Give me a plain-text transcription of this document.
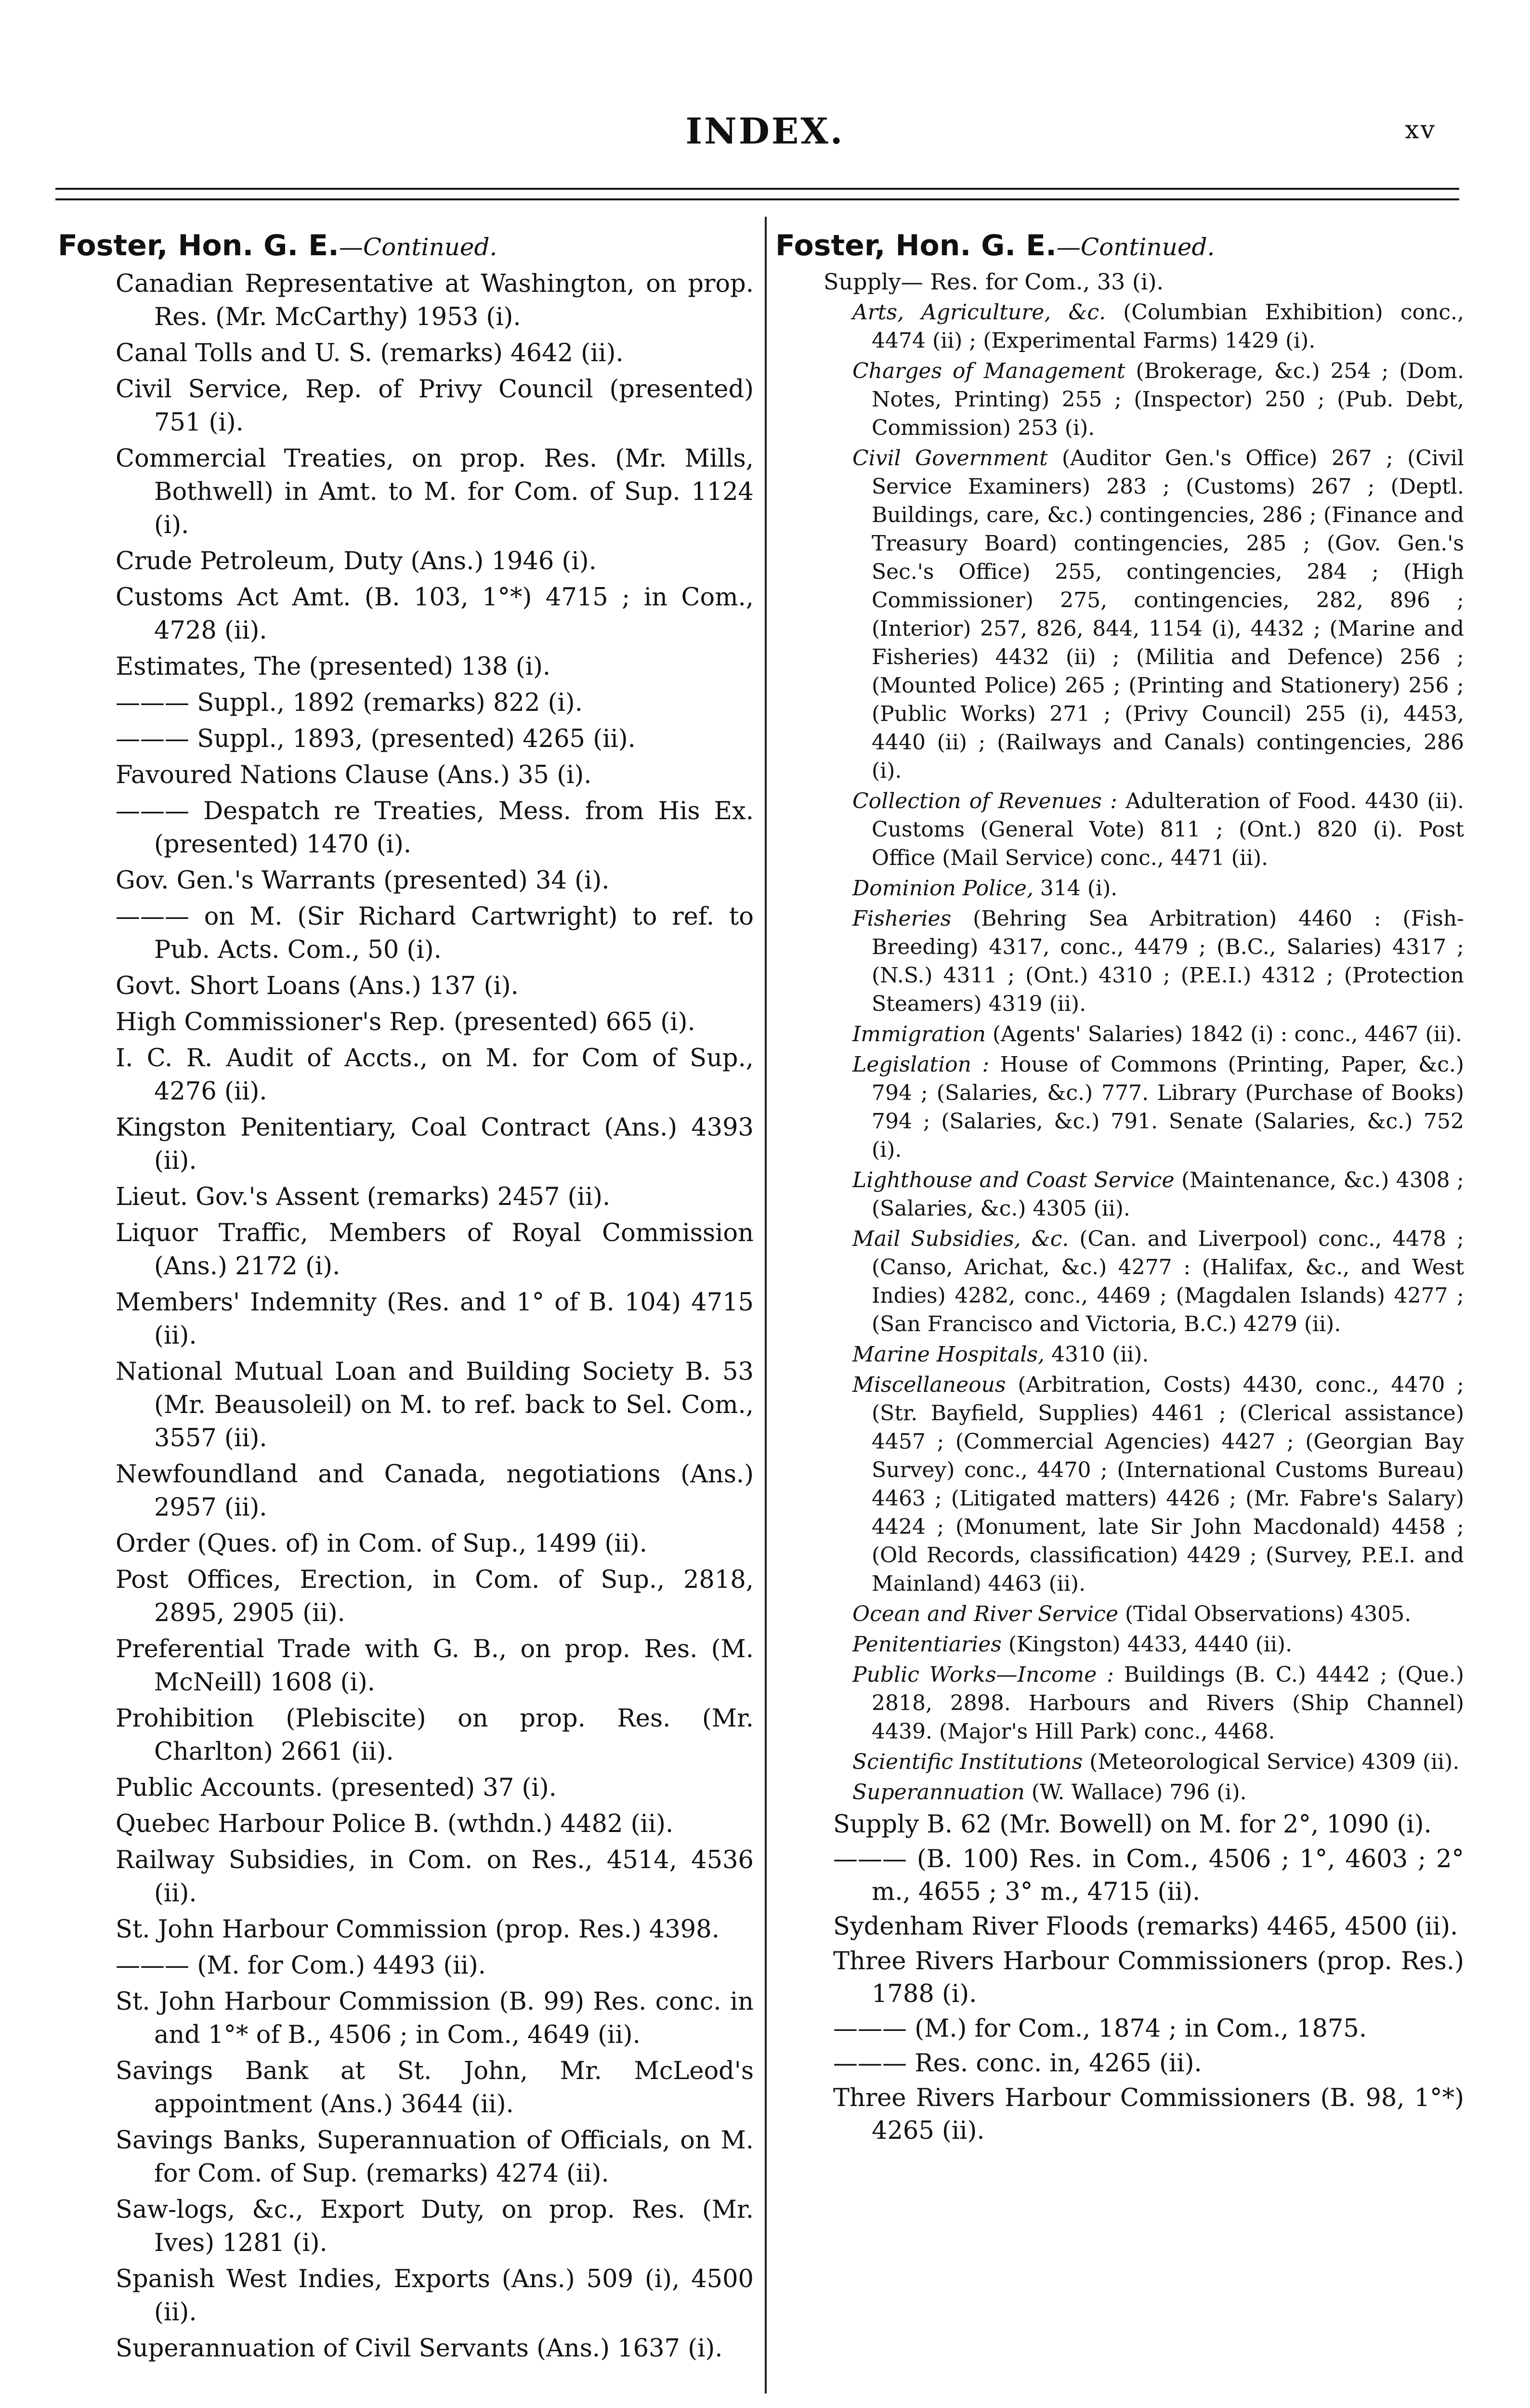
INDEX.	xv
Foster, Hon. G. E.—Continued.
Canadian Representative at Washington, on prop. Res. (Mr. McCarthy) 1953 (i).
Canal Tolls and U. S. (remarks) 4642 (ii).
Civil Service, Rep. of Privy Council (presented) 751 (i).
Commercial Treaties, on prop. Res. (Mr. Mills, Bothwell) in Amt. to M. for Com. of Sup. 1124 (i).
Crude Petroleum, Duty (Ans.) 1946 (i).
Customs Act Amt. (B. 103, 1°*) 4715 ; in Com., 4728 (ii).
Estimates, The (presented) 138 (i).
——— Suppl., 1892 (remarks) 822 (i).
——— Suppl., 1893, (presented) 4265 (ii).
Favoured Nations Clause (Ans.) 35 (i).
——— Despatch re Treaties, Mess. from His Ex. (presented) 1470 (i).
Gov. Gen.'s Warrants (presented) 34 (i).
——— on M. (Sir Richard Cartwright) to ref. to Pub. Acts. Com., 50 (i).
Govt. Short Loans (Ans.) 137 (i).
High Commissioner's Rep. (presented) 665 (i).
I. C. R. Audit of Accts., on M. for Com of Sup., 4276 (ii).
Kingston Penitentiary, Coal Contract (Ans.) 4393 (ii).
Lieut. Gov.'s Assent (remarks) 2457 (ii).
Liquor Traffic, Members of Royal Commission (Ans.) 2172 (i).
Members' Indemnity (Res. and 1° of B. 104) 4715 (ii).
National Mutual Loan and Building Society B. 53 (Mr. Beausoleil) on M. to ref. back to Sel. Com., 3557 (ii).
Newfoundland and Canada, negotiations (Ans.) 2957 (ii).
Order (Ques. of) in Com. of Sup., 1499 (ii).
Post Offices, Erection, in Com. of Sup., 2818, 2895, 2905 (ii).
Preferential Trade with G. B., on prop. Res. (M. McNeill) 1608 (i).
Prohibition (Plebiscite) on prop. Res. (Mr. Charlton) 2661 (ii).
Public Accounts. (presented) 37 (i).
Quebec Harbour Police B. (wthdn.) 4482 (ii).
Railway Subsidies, in Com. on Res., 4514, 4536 (ii).
St. John Harbour Commission (prop. Res.) 4398.
——— (M. for Com.) 4493 (ii).
St. John Harbour Commission (B. 99) Res. conc. in and 1°* of B., 4506 ; in Com., 4649 (ii).
Savings Bank at St. John, Mr. McLeod's appointment (Ans.) 3644 (ii).
Savings Banks, Superannuation of Officials, on M. for Com. of Sup. (remarks) 4274 (ii).
Saw-logs, &c., Export Duty, on prop. Res. (Mr. Ives) 1281 (i).
Spanish West Indies, Exports (Ans.) 509 (i), 4500 (ii).
Superannuation of Civil Servants (Ans.) 1637 (i).
Foster, Hon. G. E.—Continued.
Supply— Res. for Com., 33 (i).
Arts, Agriculture, &c. (Columbian Exhibition) conc., 4474 (ii) ; (Experimental Farms) 1429 (i).
Charges of Management (Brokerage, &c.) 254 ; (Dom. Notes, Printing) 255 ; (Inspector) 250 ; (Pub. Debt, Commission) 253 (i).
Civil Government (Auditor Gen.'s Office) 267 ; (Civil Service Examiners) 283 ; (Customs) 267 ; (Deptl. Buildings, care, &c.) contingencies, 286 ; (Finance and Treasury Board) contingencies, 285 ; (Gov. Gen.'s Sec.'s Office) 255, contingencies, 284 ; (High Commissioner) 275, contingencies, 282, 896 ; (Interior) 257, 826, 844, 1154 (i), 4432 ; (Marine and Fisheries) 4432 (ii) ; (Militia and Defence) 256 ; (Mounted Police) 265 ; (Printing and Stationery) 256 ; (Public Works) 271 ; (Privy Council) 255 (i), 4453, 4440 (ii) ; (Railways and Canals) contingencies, 286 (i).
Collection of Revenues : Adulteration of Food. 4430 (ii). Customs (General Vote) 811 ; (Ont.) 820 (i). Post Office (Mail Service) conc., 4471 (ii).
Dominion Police, 314 (i).
Fisheries (Behring Sea Arbitration) 4460 : (Fish-Breeding) 4317, conc., 4479 ; (B.C., Salaries) 4317 ; (N.S.) 4311 ; (Ont.) 4310 ; (P.E.I.) 4312 ; (Protection Steamers) 4319 (ii).
Immigration (Agents' Salaries) 1842 (i) : conc., 4467 (ii).
Legislation : House of Commons (Printing, Paper, &c.) 794 ; (Salaries, &c.) 777. Library (Purchase of Books) 794 ; (Salaries, &c.) 791. Senate (Salaries, &c.) 752 (i).
Lighthouse and Coast Service (Maintenance, &c.) 4308 ; (Salaries, &c.) 4305 (ii).
Mail Subsidies, &c. (Can. and Liverpool) conc., 4478 ; (Canso, Arichat, &c.) 4277 : (Halifax, &c., and West Indies) 4282, conc., 4469 ; (Magdalen Islands) 4277 ; (San Francisco and Victoria, B.C.) 4279 (ii).
Marine Hospitals, 4310 (ii).
Miscellaneous (Arbitration, Costs) 4430, conc., 4470 ; (Str. Bayfield, Supplies) 4461 ; (Clerical assistance) 4457 ; (Commercial Agencies) 4427 ; (Georgian Bay Survey) conc., 4470 ; (International Customs Bureau) 4463 ; (Litigated matters) 4426 ; (Mr. Fabre's Salary) 4424 ; (Monument, late Sir John Macdonald) 4458 ; (Old Records, classification) 4429 ; (Survey, P.E.I. and Mainland) 4463 (ii).
Ocean and River Service (Tidal Observations) 4305.
Penitentiaries (Kingston) 4433, 4440 (ii).
Public Works—Income : Buildings (B. C.) 4442 ; (Que.) 2818, 2898. Harbours and Rivers (Ship Channel) 4439. (Major's Hill Park) conc., 4468.
Scientific Institutions (Meteorological Service) 4309 (ii).
Superannuation (W. Wallace) 796 (i).
Supply B. 62 (Mr. Bowell) on M. for 2°, 1090 (i).
——— (B. 100) Res. in Com., 4506 ; 1°, 4603 ; 2° m., 4655 ; 3° m., 4715 (ii).
Sydenham River Floods (remarks) 4465, 4500 (ii).
Three Rivers Harbour Commissioners (prop. Res.) 1788 (i).
——— (M.) for Com., 1874 ; in Com., 1875.
——— Res. conc. in, 4265 (ii).
Three Rivers Harbour Commissioners (B. 98, 1°*) 4265 (ii).
